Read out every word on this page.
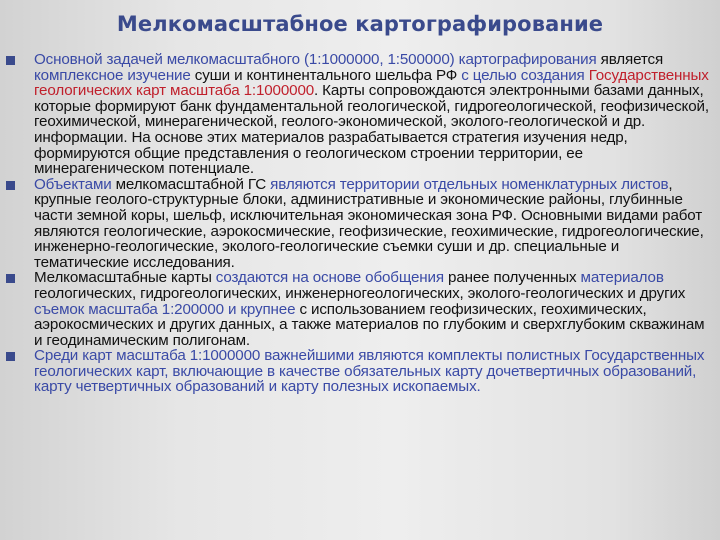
Мелкомасштабное картографирование
Основной задачей мелкомасштабного (1:1000000, 1:500000) картографирования является комплексное изучение суши и континентального шельфа РФ с целью создания Государственных геологических карт масштаба 1:1000000. Карты сопровождаются электронными базами данных, которые формируют банк фундаментальной геологической, гидрогеологической, геофизической, геохимической, минерагенической, геолого-экономической, эколого-геологической и др. информации. На основе этих материалов разрабатывается стратегия изучения недр, формируются общие представления о геологическом строении территории, ее минерагеническом потенциале.
Объектами мелкомасштабной ГС являются территории отдельных номенклатурных листов, крупные геолого-структурные блоки, административные и экономические районы, глубинные части земной коры, шельф, исключительная экономическая зона РФ. Основными видами работ являются геологические, аэрокосмические, геофизические, геохимические, гидрогеологические, инженерно-геологические, эколого-геологические съемки суши и др. специальные и тематические исследования.
Мелкомасштабные карты создаются на основе обобщения ранее полученных материалов геологических, гидрогеологических, инженерногеологических, эколого-геологических и других съемок масштаба 1:200000 и крупнее с использованием геофизических, геохимических, аэрокосмических и других данных, а также материалов по глубоким и сверхглубоким скважинам и геодинамическим полигонам.
Среди карт масштаба 1:1000000 важнейшими являются комплекты полистных Государственных геологических карт, включающие в качестве обязательных карту дочетвертичных образований, карту четвертичных образований и карту полезных ископаемых.
